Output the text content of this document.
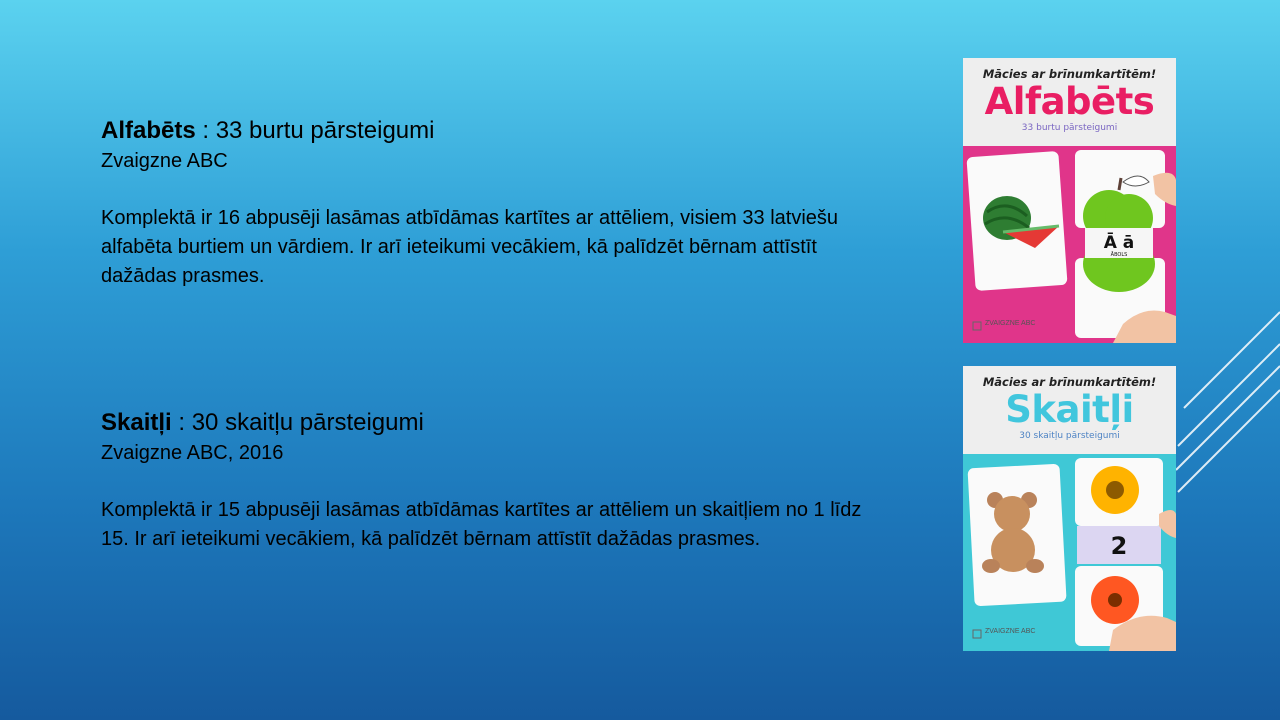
Alfabēts : 33 burtu pārsteigumi
Zvaigzne ABC
Komplektā ir 16 abpusēji lasāmas atbīdāmas kartītes ar attēliem, visiem 33 latviešu alfabēta burtiem un vārdiem. Ir arī ieteikumi vecākiem, kā palīdzēt bērnam attīstīt dažādas prasmes.
Skaitļi : 30 skaitļu pārsteigumi
Zvaigzne ABC, 2016
Komplektā ir 15 abpusēji lasāmas atbīdāmas kartītes ar attēliem un skaitļiem no 1 līdz 15. Ir arī ieteikumi vecākiem, kā palīdzēt bērnam attīstīt dažādas prasmes.
Mācies ar brīnumkartītēm!
Alfabēts
33 burtu pārsteigumi
Ā ā
ĀBOLS
ZVAIGZNE ABC
Mācies ar brīnumkartītēm!
Skaitļi
30 skaitļu pārsteigumi
2
ZVAIGZNE ABC
